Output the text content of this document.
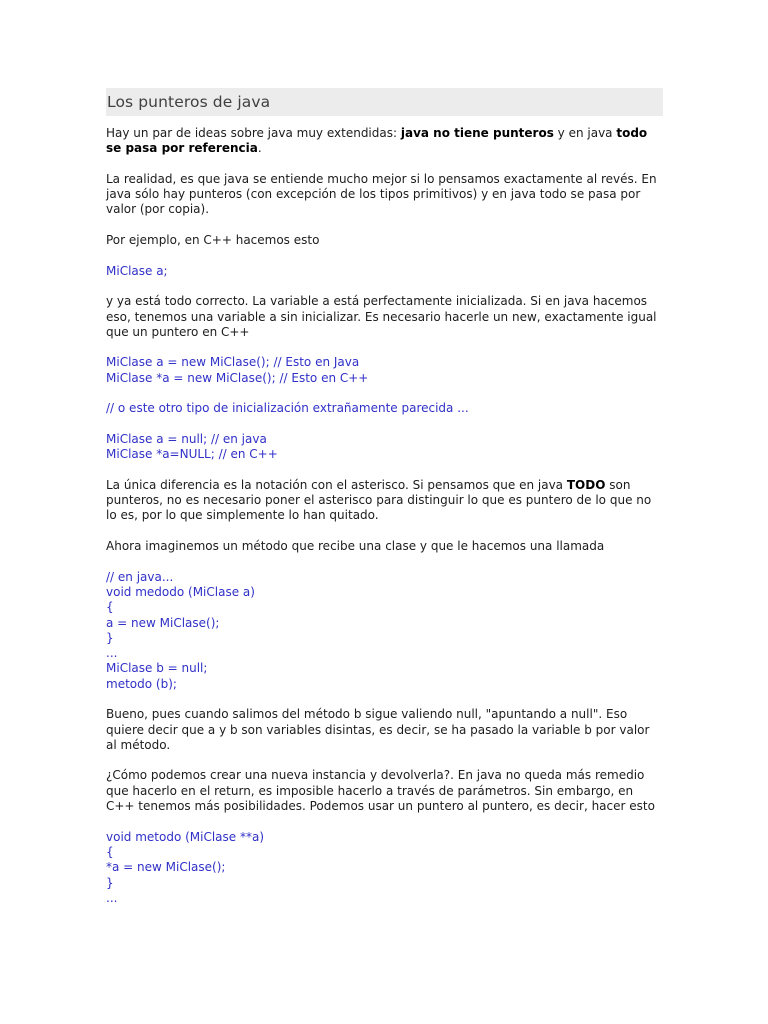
Los punteros de java
Hay un par de ideas sobre java muy extendidas: java no tiene punteros y en java todo se pasa por referencia.
La realidad, es que java se entiende mucho mejor si lo pensamos exactamente al revés. En java sólo hay punteros (con excepción de los tipos primitivos) y en java todo se pasa por valor (por copia).
Por ejemplo, en C++ hacemos esto
MiClase a;
y ya está todo correcto. La variable a está perfectamente inicializada. Si en java hacemos eso, tenemos una variable a sin inicializar. Es necesario hacerle un new, exactamente igual que un puntero en C++
MiClase a = new MiClase(); // Esto en Java
MiClase *a = new MiClase(); // Esto en C++
// o este otro tipo de inicialización extrañamente parecida ...
MiClase a = null; // en java
MiClase *a=NULL; // en C++
La única diferencia es la notación con el asterisco. Si pensamos que en java TODO son punteros, no es necesario poner el asterisco para distinguir lo que es puntero de lo que no lo es, por lo que simplemente lo han quitado.
Ahora imaginemos un método que recibe una clase y que le hacemos una llamada
// en java...
void medodo (MiClase a)
{
a = new MiClase();
}
...
MiClase b = null;
metodo (b);
Bueno, pues cuando salimos del método b sigue valiendo null, "apuntando a null". Eso quiere decir que a y b son variables disintas, es decir, se ha pasado la variable b por valor al método.
¿Cómo podemos crear una nueva instancia y devolverla?. En java no queda más remedio que hacerlo en el return, es imposible hacerlo a través de parámetros. Sin embargo, en C++ tenemos más posibilidades. Podemos usar un puntero al puntero, es decir, hacer esto
void metodo (MiClase **a)
{
*a = new MiClase();
}
...
